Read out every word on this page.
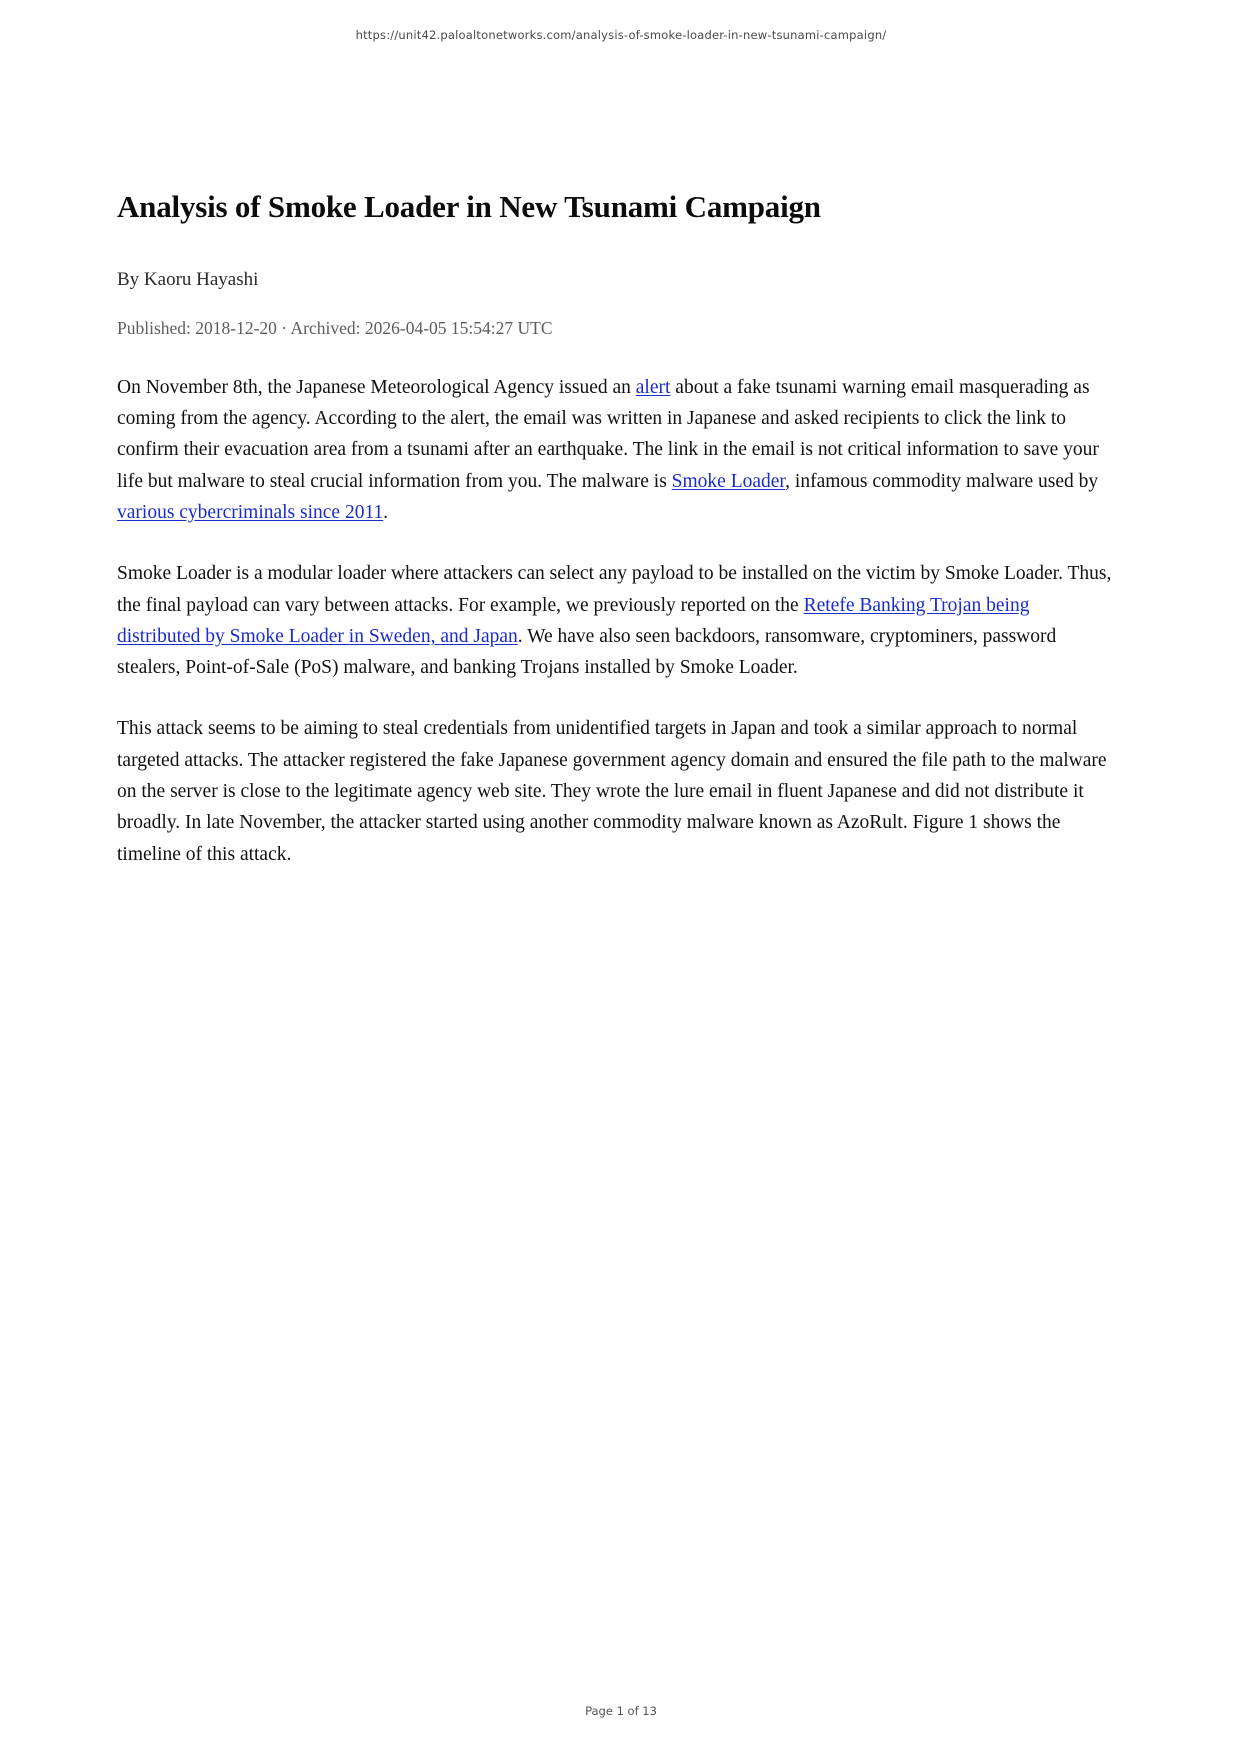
https://unit42.paloaltonetworks.com/analysis-of-smoke-loader-in-new-tsunami-campaign/
Analysis of Smoke Loader in New Tsunami Campaign
By Kaoru Hayashi
Published: 2018-12-20 · Archived: 2026-04-05 15:54:27 UTC

On November 8th, the Japanese Meteorological Agency issued an alert about a fake tsunami warning email masquerading as coming from the agency. According to the alert, the email was written in Japanese and asked recipients to click the link to confirm their evacuation area from a tsunami after an earthquake. The link in the email is not critical information to save your life but malware to steal crucial information from you. The malware is Smoke Loader, infamous commodity malware used by various cybercriminals since 2011.

Smoke Loader is a modular loader where attackers can select any payload to be installed on the victim by Smoke Loader. Thus, the final payload can vary between attacks. For example, we previously reported on the Retefe Banking Trojan being distributed by Smoke Loader in Sweden, and Japan. We have also seen backdoors, ransomware, cryptominers, password stealers, Point-of-Sale (PoS) malware, and banking Trojans installed by Smoke Loader.

This attack seems to be aiming to steal credentials from unidentified targets in Japan and took a similar approach to normal targeted attacks. The attacker registered the fake Japanese government agency domain and ensured the file path to the malware on the server is close to the legitimate agency web site. They wrote the lure email in fluent Japanese and did not distribute it broadly. In late November, the attacker started using another commodity malware known as AzoRult. Figure 1 shows the timeline of this attack.

Page 1 of 13
